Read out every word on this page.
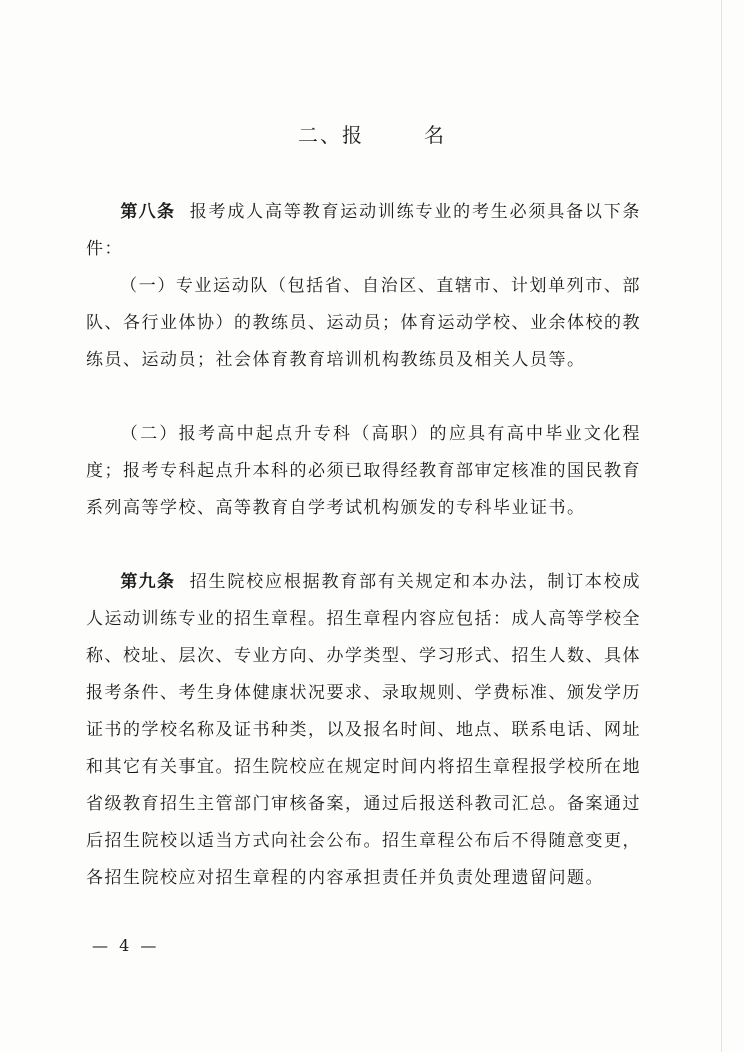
二、报	名
第八条 报考成人高等教育运动训练专业的考生必须具备以下条件：
（一）专业运动队（包括省、自治区、直辖市、计划单列市、部队、各行业体协）的教练员、运动员；体育运动学校、业余体校的教练员、运动员；社会体育教育培训机构教练员及相关人员等。
（二）报考高中起点升专科（高职）的应具有高中毕业文化程度；报考专科起点升本科的必须已取得经教育部审定核准的国民教育系列高等学校、高等教育自学考试机构颁发的专科毕业证书。
第九条 招生院校应根据教育部有关规定和本办法，制订本校成人运动训练专业的招生章程。招生章程内容应包括：成人高等学校全称、校址、层次、专业方向、办学类型、学习形式、招生人数、具体报考条件、考生身体健康状况要求、录取规则、学费标准、颁发学历证书的学校名称及证书种类，以及报名时间、地点、联系电话、网址和其它有关事宜。招生院校应在规定时间内将招生章程报学校所在地省级教育招生主管部门审核备案，通过后报送科教司汇总。备案通过后招生院校以适当方式向社会公布。招生章程公布后不得随意变更，各招生院校应对招生章程的内容承担责任并负责处理遗留问题。
— 4 —
